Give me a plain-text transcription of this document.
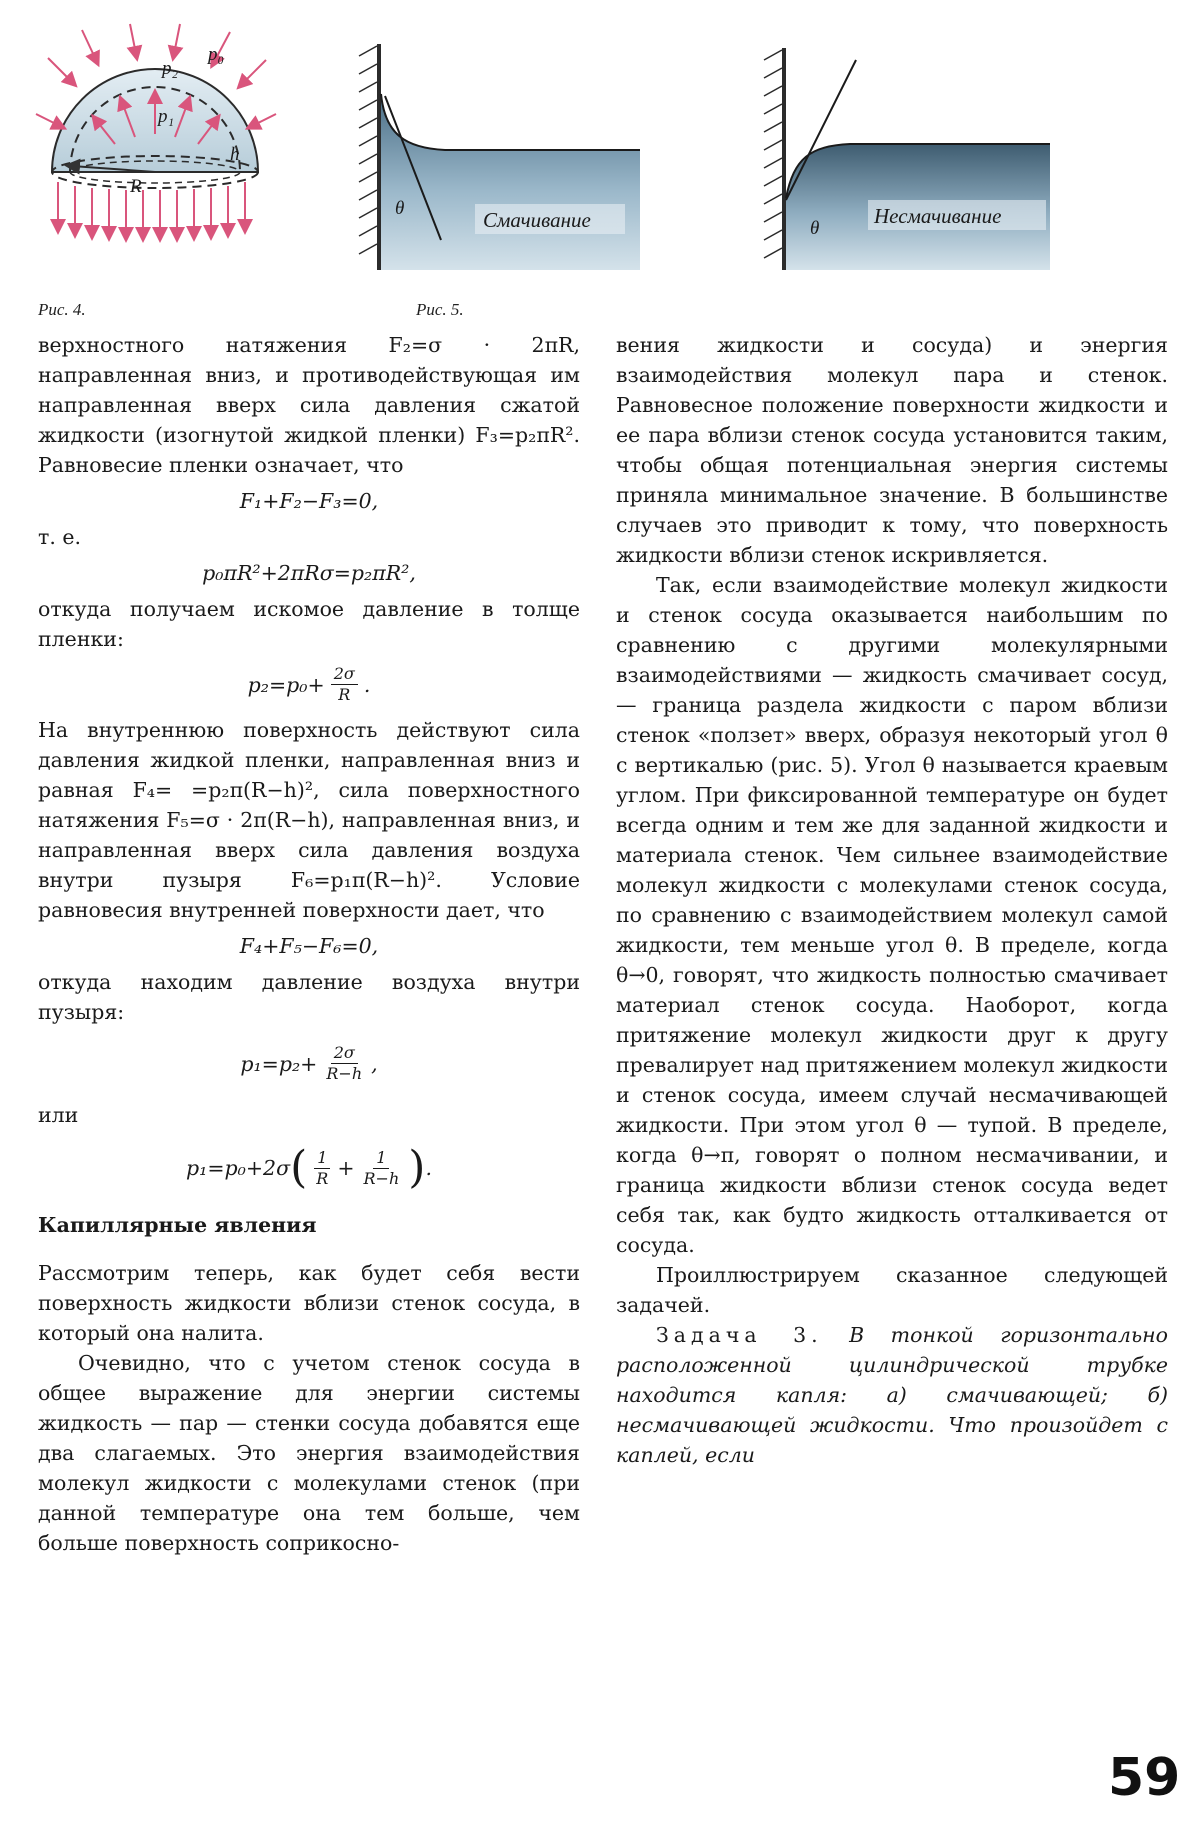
p₂
p₀
p₁
h
R
θ	Смачивание	θ
Несмачивание
Рис. 4.	Рис. 5.

верхностного натяжения F₂=σ · 2πR, направленная вниз, и противодействующая им направленная вверх сила давления сжатой жидкости (изогнутой жидкой пленки) F₃=p₂πR². Равновесие пленки означает, что

F₁+F₂−F₃=0,

т. е.

p₀πR²+2πRσ=p₂πR²,

откуда получаем искомое давление в толще пленки:

$p_2=p_0+ \frac{2\sigma}{R}$ .

На внутреннюю поверхность действуют сила давления жидкой пленки, направленная вниз и равная F₄= =p₂π(R−h)², сила поверхностного натяжения F₅=σ · 2π(R−h), направленная вниз, и направленная вверх сила давления воздуха внутри пузыря F₆=p₁π(R−h)². Условие равновесия внутренней поверхности дает, что

F₄+F₅−F₆=0,

откуда находим давление воздуха внутри пузыря:

$p_1=p_2+ \frac{2\sigma}{R-h}$ ,

или

p₁=p₀+2σ ( $\frac{1}{R} + \frac{1}{R-h}$ ) .

Капиллярные явления

Рассмотрим теперь, как будет себя вести поверхность жидкости вблизи стенок сосуда, в который она налита.

Очевидно, что с учетом стенок сосуда в общее выражение для энергии системы жидкость — пар — стенки сосуда добавятся еще два слагаемых. Это энергия взаимодействия молекул жидкости с молекулами стенок (при данной температуре она тем больше, чем больше поверхность соприкосно-

вения жидкости и сосуда) и энергия взаимодействия молекул пара и стенок. Равновесное положение поверхности жидкости и ее пара вблизи стенок сосуда установится таким, чтобы общая потенциальная энергия системы приняла минимальное значение. В большинстве случаев это приводит к тому, что поверхность жидкости вблизи стенок искривляется.

Так, если взаимодействие молекул жидкости и стенок сосуда оказывается наибольшим по сравнению с другими молекулярными взаимодействиями — жидкость смачивает сосуд,— граница раздела жидкости с паром вблизи стенок «ползет» вверх, образуя некоторый угол θ с вертикалью (рис. 5). Угол θ называется краевым углом. При фиксированной температуре он будет всегда одним и тем же для заданной жидкости и материала стенок. Чем сильнее взаимодействие молекул жидкости с молекулами стенок сосуда, по сравнению с взаимодействием молекул самой жидкости, тем меньше угол θ. В пределе, когда θ→0, говорят, что жидкость полностью смачивает материал стенок сосуда. Наоборот, когда притяжение молекул жидкости друг к другу превалирует над притяжением молекул жидкости и стенок сосуда, имеем случай несмачивающей жидкости. При этом угол θ — тупой. В пределе, когда θ→π, говорят о полном несмачивании, и граница жидкости вблизи стенок сосуда ведет себя так, как будто жидкость отталкивается от сосуда.

Проиллюстрируем сказанное следующей задачей.

Задача 3. В тонкой горизонтально расположенной цилиндрической трубке находится капля: а) смачивающей; б) несмачивающей жидкости. Что произойдет с каплей, если

59
